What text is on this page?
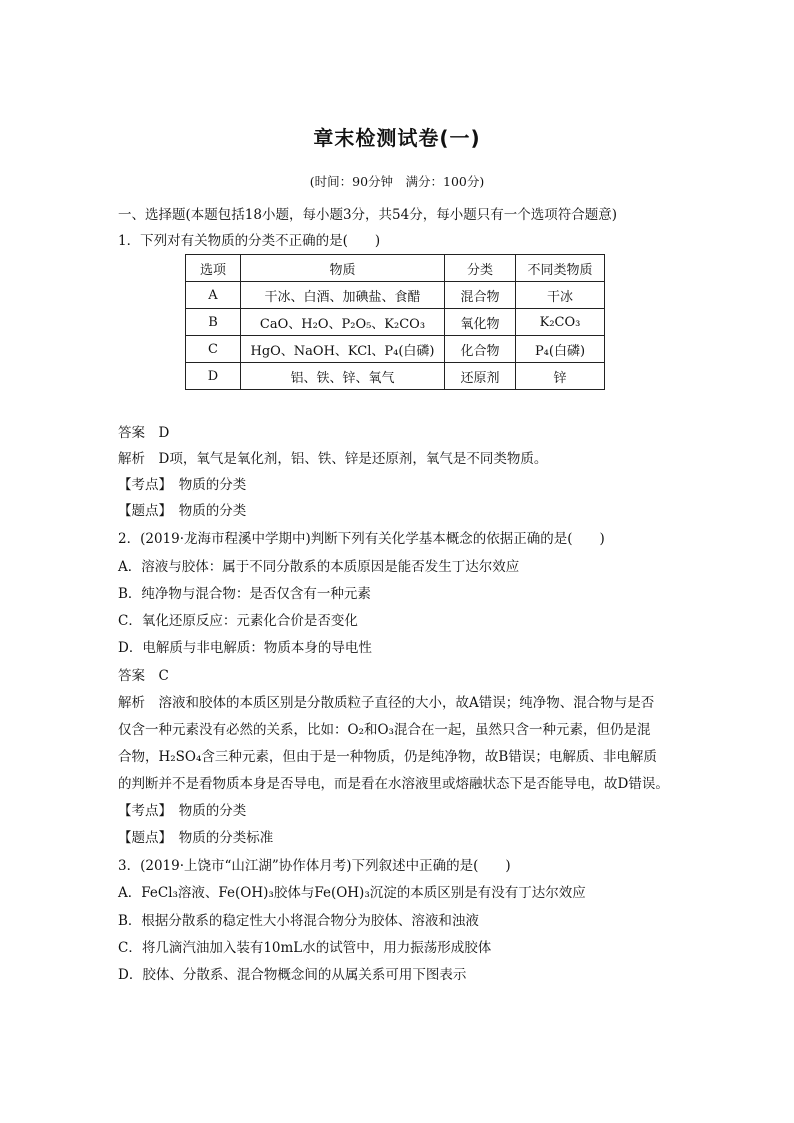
章末检测试卷(一)
(时间：90分钟　满分：100分)
一、选择题(本题包括18小题，每小题3分，共54分，每小题只有一个选项符合题意)
1．下列对有关物质的分类不正确的是(　　)
选项	物质	分类	不同类物质
A	干冰、白酒、加碘盐、食醋	混合物	干冰
B	CaO、H₂O、P₂O₅、K₂CO₃	氧化物	K₂CO₃
C	HgO、NaOH、KCl、P₄(白磷)	化合物	P₄(白磷)
D	铝、铁、锌、氧气	还原剂	锌
答案　D
解析　D项，氧气是氧化剂，铝、铁、锌是还原剂，氧气是不同类物质。
【考点】　物质的分类
【题点】　物质的分类
2．(2019·龙海市程溪中学期中)判断下列有关化学基本概念的依据正确的是(　　)
A．溶液与胶体：属于不同分散系的本质原因是能否发生丁达尔效应
B．纯净物与混合物：是否仅含有一种元素
C．氧化还原反应：元素化合价是否变化
D．电解质与非电解质：物质本身的导电性
答案　C
解析　溶液和胶体的本质区别是分散质粒子直径的大小，故A错误；纯净物、混合物与是否
仅含一种元素没有必然的关系，比如：O₂和O₃混合在一起，虽然只含一种元素，但仍是混
合物，H₂SO₄含三种元素，但由于是一种物质，仍是纯净物，故B错误；电解质、非电解质
的判断并不是看物质本身是否导电，而是看在水溶液里或熔融状态下是否能导电，故D错误。
【考点】　物质的分类
【题点】　物质的分类标准
3．(2019·上饶市“山江湖”协作体月考)下列叙述中正确的是(　　)
A．FeCl₃溶液、Fe(OH)₃胶体与Fe(OH)₃沉淀的本质区别是有没有丁达尔效应
B．根据分散系的稳定性大小将混合物分为胶体、溶液和浊液
C．将几滴汽油加入装有10mL水的试管中，用力振荡形成胶体
D．胶体、分散系、混合物概念间的从属关系可用下图表示
